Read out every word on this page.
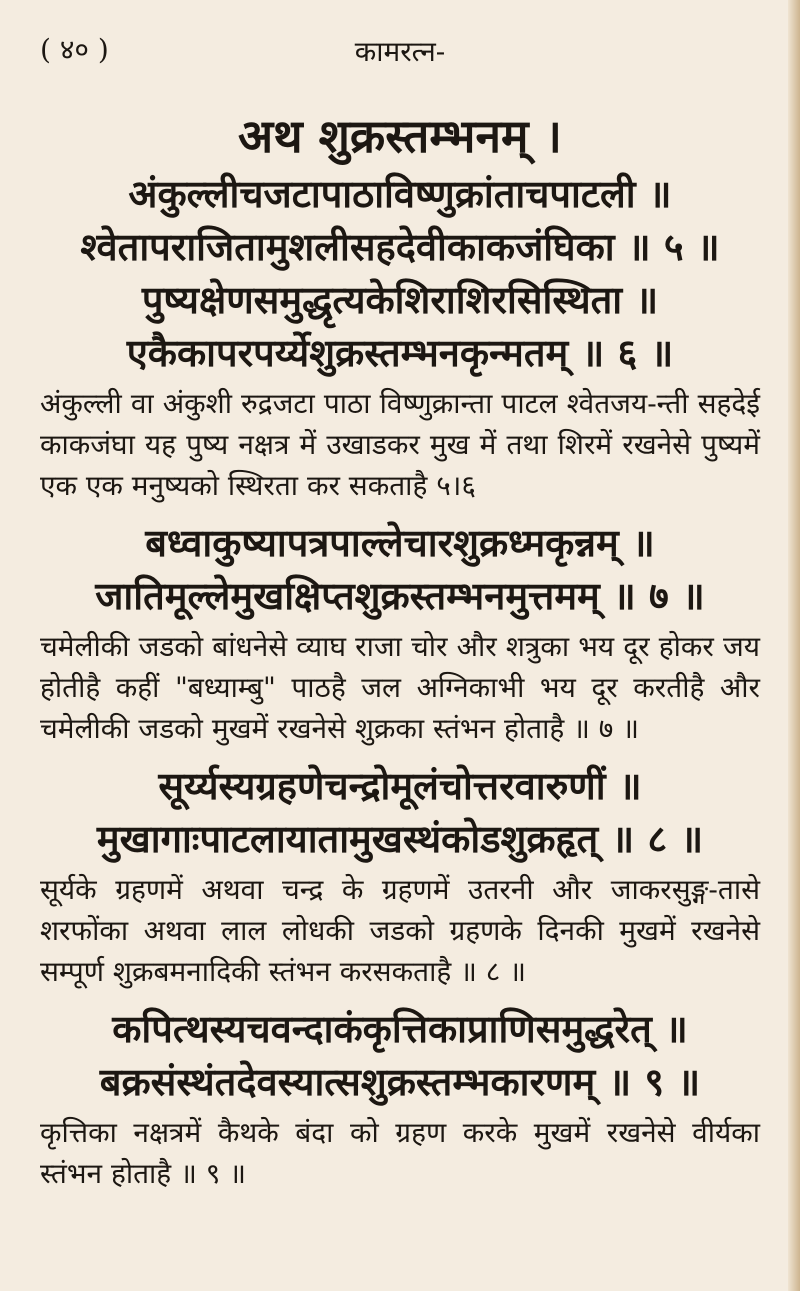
( ४० )	कामरत्न-

अथ शुक्रस्तम्भनम् ।

अंकुल्लीचजटापाठाविष्णुक्रांताचपाटली ॥

श्वेतापराजितामुशलीसहदेवीकाकजंघिका ॥ ५ ॥

पुष्यक्षेणसमुद्धृत्यकेशिराशिरसिस्थिता ॥

एकैकापरपर्य्येशुक्रस्तम्भनकृन्मतम् ॥ ६ ॥

अंकुल्ली वा अंकुशी रुद्रजटा पाठा विष्णुक्रान्ता पाटल श्वेतजय-न्ती सहदेई काकजंघा यह पुष्य नक्षत्र में उखाडकर मुख में तथा शिरमें रखनेसे पुष्यमें एक एक मनुष्यको स्थिरता कर सकताहै ५।६

बध्वाकुष्यापत्रपाल्लेचारशुक्रध्मकृन्नम् ॥

जातिमूल्लेमुखक्षिप्तशुक्रस्तम्भनमुत्तमम् ॥ ७ ॥

चमेलीकी जडको बांधनेसे व्याघ राजा चोर और शत्रुका भय दूर होकर जय होतीहै कहीं "बध्याम्बु" पाठहै जल अग्निकाभी भय दूर करतीहै और चमेलीकी जडको मुखमें रखनेसे शुक्रका स्तंभन होताहै ॥ ७ ॥

सूर्य्यस्यग्रहणेचन्द्रोमूलंचोत्तरवारुणीं ॥

मुखागाःपाटलायातामुखस्थंकोडशुक्रहृत् ॥ ८ ॥

सूर्यके ग्रहणमें अथवा चन्द्र के ग्रहणमें उतरनी और जाकरसुङ्ग-तासे शरफोंका अथवा लाल लोधकी जडको ग्रहणके दिनकी मुखमें रखनेसे सम्पूर्ण शुक्रबमनादिकी स्तंभन करसकताहै ॥ ८ ॥

कपित्थस्यचवन्दाकंकृत्तिकाप्राणिसमुद्धरेत् ॥

बक्रसंस्थंतदेवस्यात्सशुक्रस्तम्भकारणम् ॥ ९ ॥

कृत्तिका नक्षत्रमें कैथके बंदा को ग्रहण करके मुखमें रखनेसे वीर्यका स्तंभन होताहै ॥ ९ ॥
